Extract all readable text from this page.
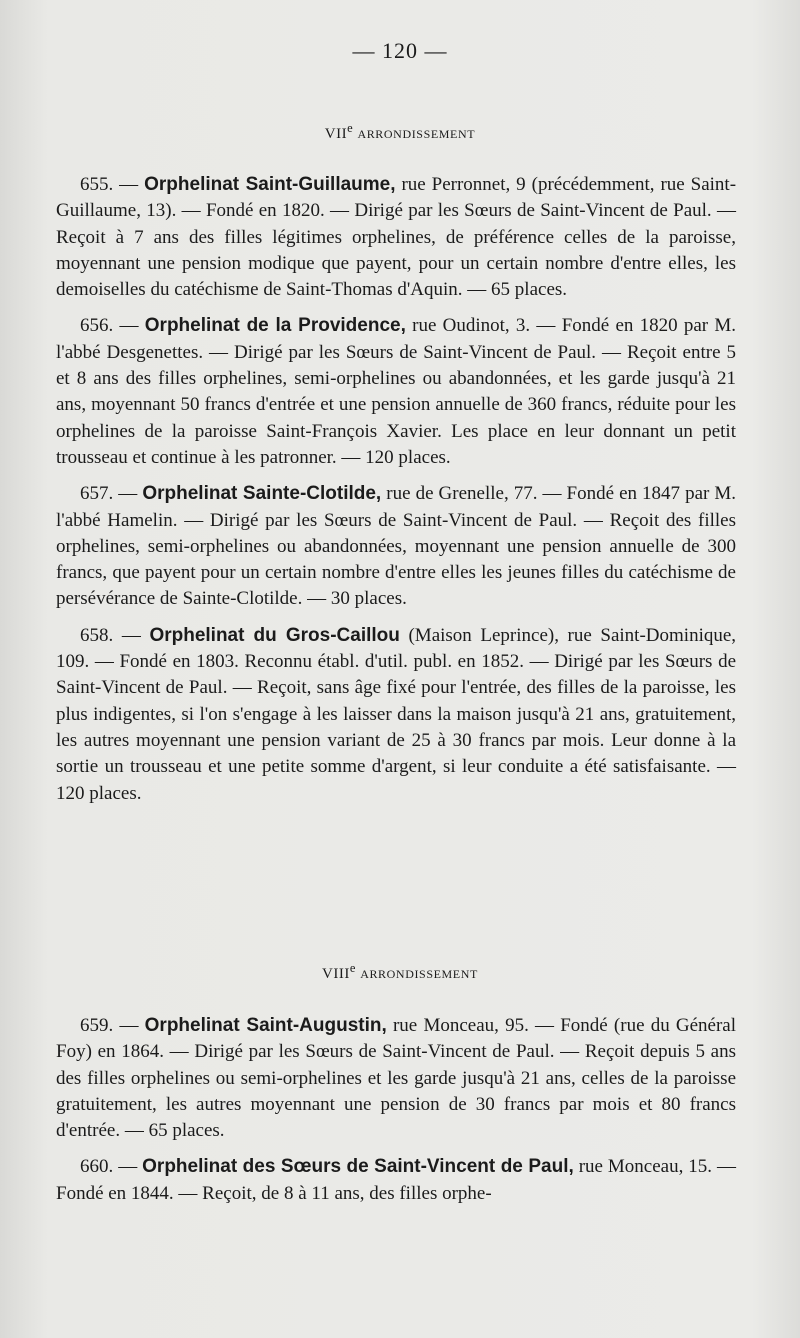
— 120 —
VIIe ARRONDISSEMENT

655. — Orphelinat Saint-Guillaume, rue Perronnet, 9 (précédemment, rue Saint-Guillaume, 13). — Fondé en 1820. — Dirigé par les Sœurs de Saint-Vincent de Paul. — Reçoit à 7 ans des filles légitimes orphelines, de préférence celles de la paroisse, moyennant une pension modique que payent, pour un certain nombre d'entre elles, les demoiselles du catéchisme de Saint-Thomas d'Aquin. — 65 places.

656. — Orphelinat de la Providence, rue Oudinot, 3. — Fondé en 1820 par M. l'abbé Desgenettes. — Dirigé par les Sœurs de Saint-Vincent de Paul. — Reçoit entre 5 et 8 ans des filles orphelines, semi-orphelines ou abandonnées, et les garde jusqu'à 21 ans, moyennant 50 francs d'entrée et une pension annuelle de 360 francs, réduite pour les orphelines de la paroisse Saint-François Xavier. Les place en leur donnant un petit trousseau et continue à les patronner. — 120 places.

657. — Orphelinat Sainte-Clotilde, rue de Grenelle, 77. — Fondé en 1847 par M. l'abbé Hamelin. — Dirigé par les Sœurs de Saint-Vincent de Paul. — Reçoit des filles orphelines, semi-orphelines ou abandonnées, moyennant une pension annuelle de 300 francs, que payent pour un certain nombre d'entre elles les jeunes filles du catéchisme de persévérance de Sainte-Clotilde. — 30 places.

658. — Orphelinat du Gros-Caillou (Maison Leprince), rue Saint-Dominique, 109. — Fondé en 1803. Reconnu établ. d'util. publ. en 1852. — Dirigé par les Sœurs de Saint-Vincent de Paul. — Reçoit, sans âge fixé pour l'entrée, des filles de la paroisse, les plus indigentes, si l'on s'engage à les laisser dans la maison jusqu'à 21 ans, gratuitement, les autres moyennant une pension variant de 25 à 30 francs par mois. Leur donne à la sortie un trousseau et une petite somme d'argent, si leur conduite a été satisfaisante. — 120 places.

VIIIe ARRONDISSEMENT

659. — Orphelinat Saint-Augustin, rue Monceau, 95. — Fondé (rue du Général Foy) en 1864. — Dirigé par les Sœurs de Saint-Vincent de Paul. — Reçoit depuis 5 ans des filles orphelines ou semi-orphelines et les garde jusqu'à 21 ans, celles de la paroisse gratuitement, les autres moyennant une pension de 30 francs par mois et 80 francs d'entrée. — 65 places.

660. — Orphelinat des Sœurs de Saint-Vincent de Paul, rue Monceau, 15. — Fondé en 1844. — Reçoit, de 8 à 11 ans, des filles orphe-
